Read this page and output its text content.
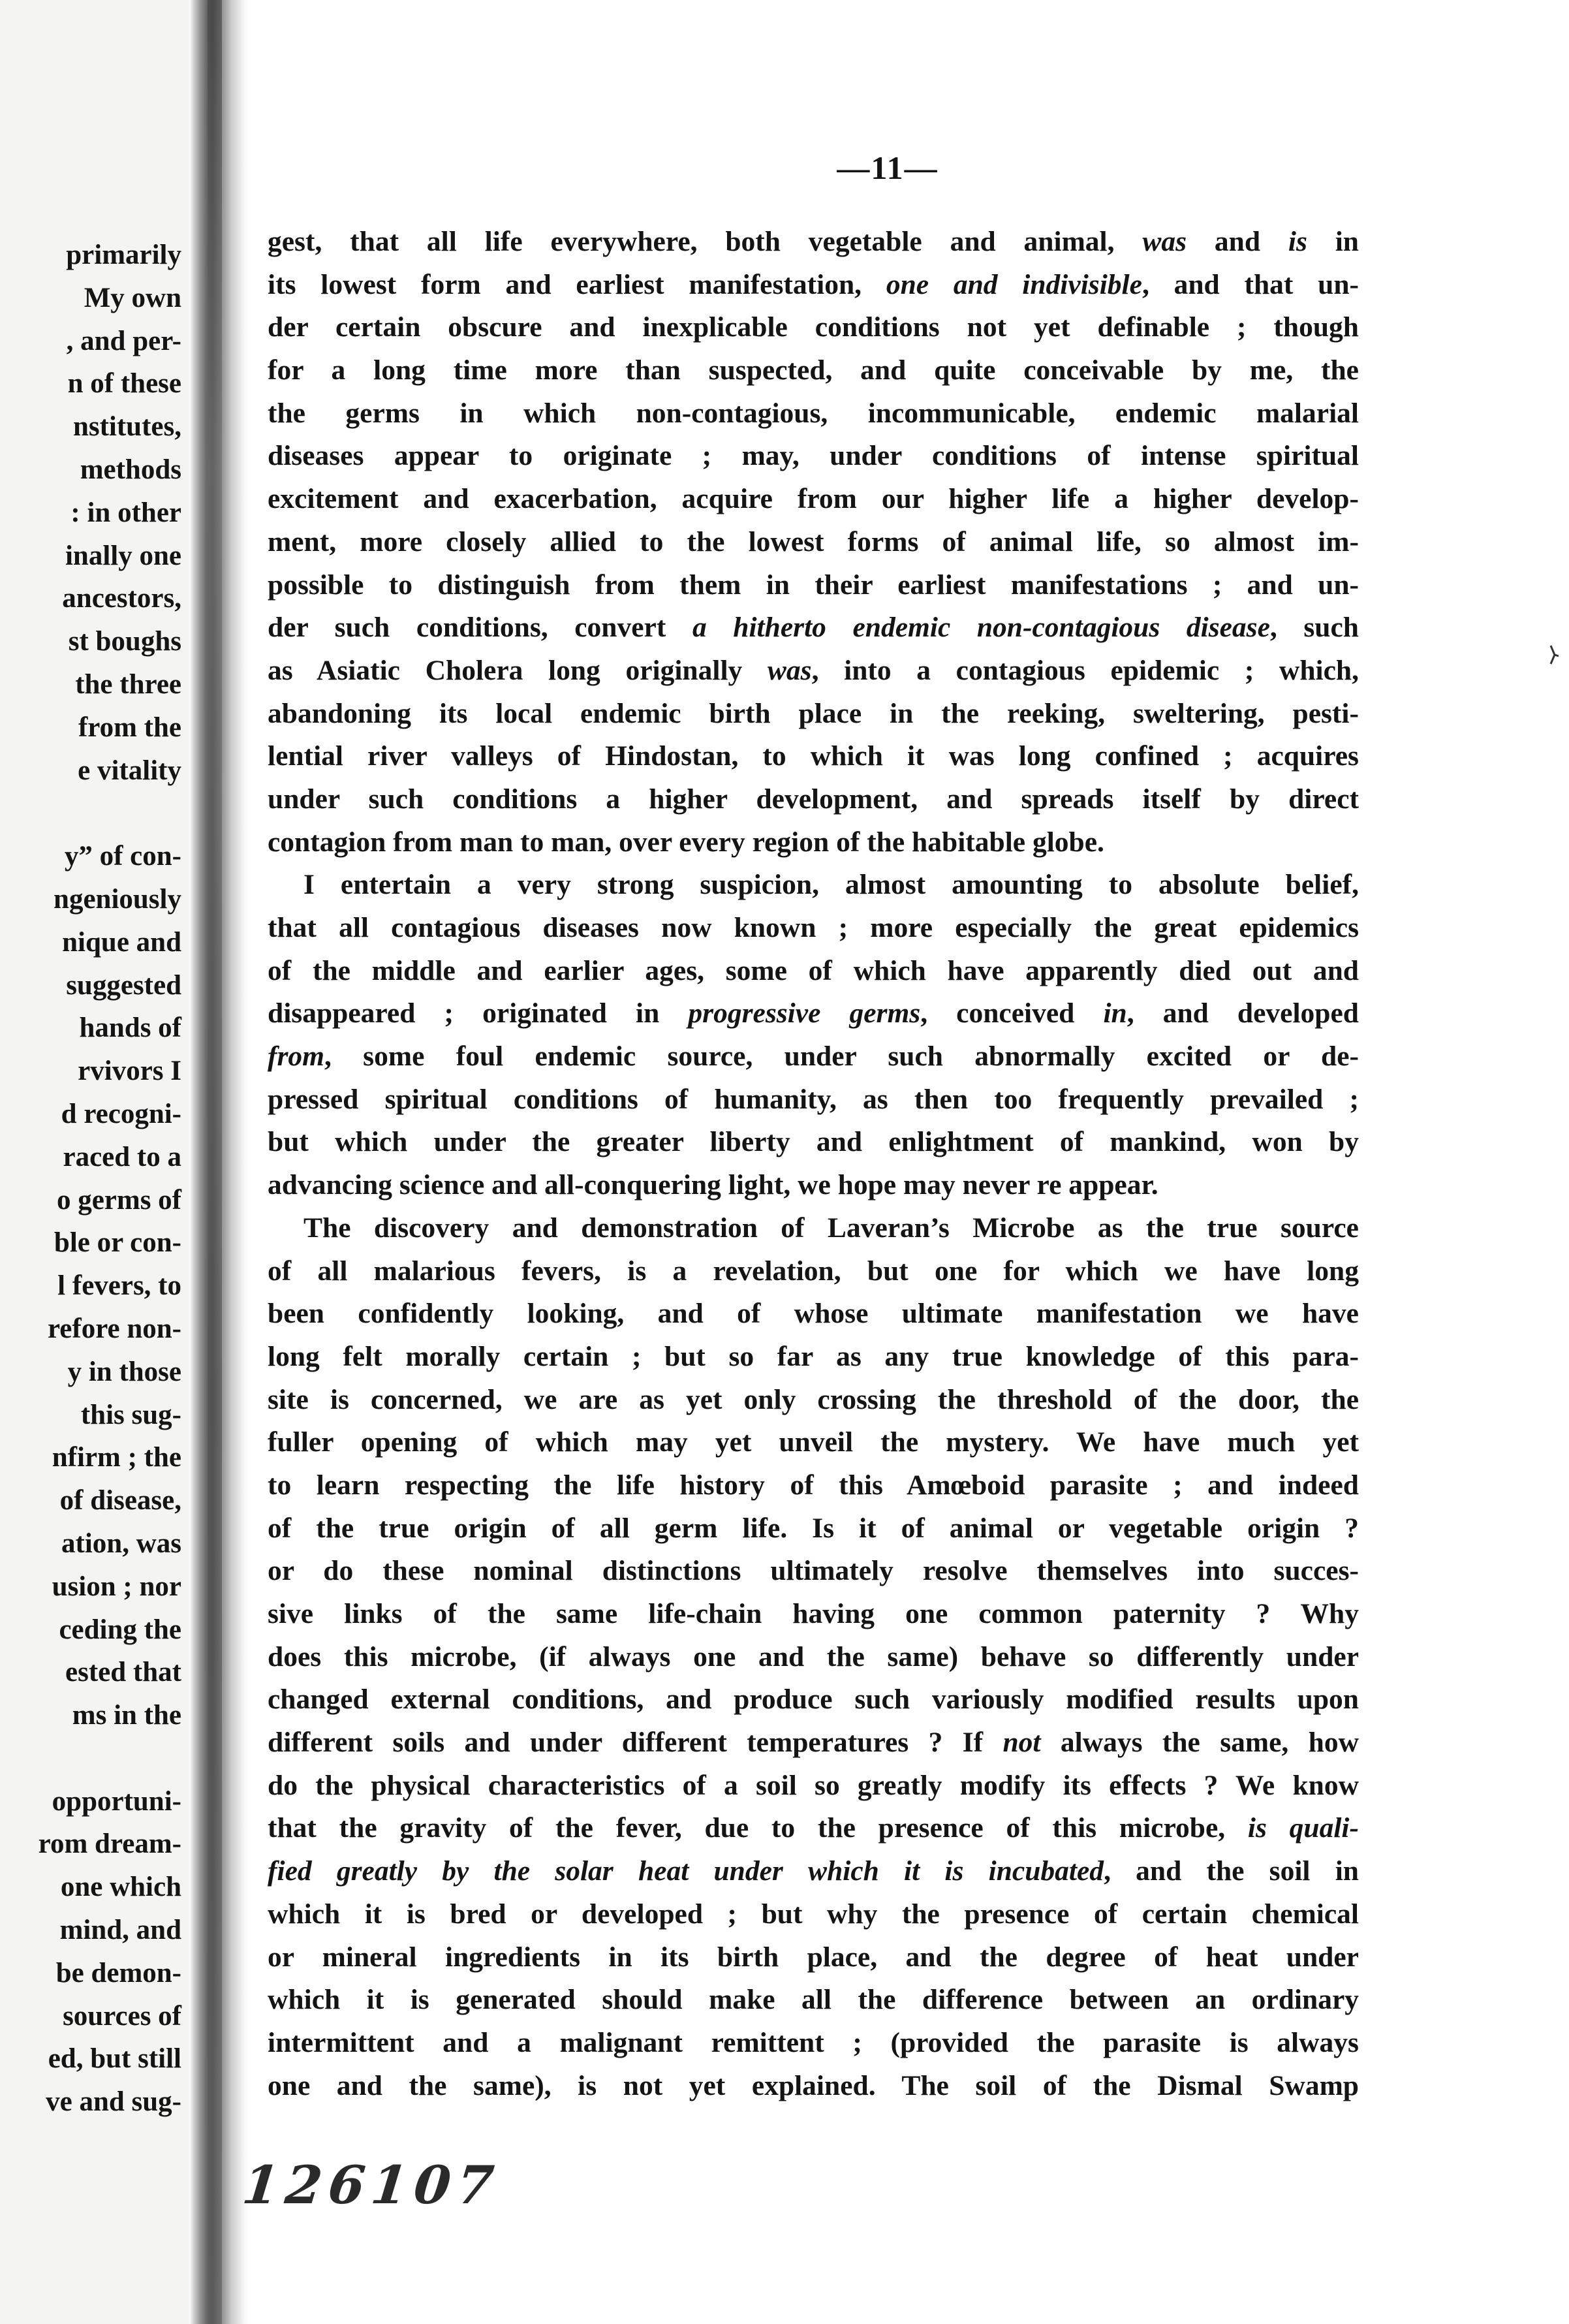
primarily
My own
, and per-
n of these
nstitutes,
methods
: in other
inally one
ancestors,
st boughs
the three
from the
e vitality
y” of con-
ngeniously
nique and
suggested
hands of
rvivors I
d recogni-
raced to a
o germs of
ble or con-
l fevers, to
refore non-
y in those
this sug-
nfirm ; the
of disease,
ation, was
usion ; nor
ceding the
ested that
ms in the
opportuni-
rom dream-
one which
mind, and
be demon-
sources of
ed, but still
ve and sug-
—11—
gest, that all life everywhere, both vegetable and animal, was and is in
its lowest form and earliest manifestation, one and indivisible, and that un-
der certain obscure and inexplicable conditions not yet definable ; though
for a long time more than suspected, and quite conceivable by me, the
the germs in which non-contagious, incommunicable, endemic malarial
diseases appear to originate ; may, under conditions of intense spiritual
excitement and exacerbation, acquire from our higher life a higher develop-
ment, more closely allied to the lowest forms of animal life, so almost im-
possible to distinguish from them in their earliest manifestations ; and un-
der such conditions, convert a hitherto endemic non-contagious disease, such
as Asiatic Cholera long originally was, into a contagious epidemic ; which,
abandoning its local endemic birth place in the reeking, sweltering, pesti-
lential river valleys of Hindostan, to which it was long confined ; acquires
under such conditions a higher development, and spreads itself by direct
contagion from man to man, over every region of the habitable globe.
I entertain a very strong suspicion, almost amounting to absolute belief,
that all contagious diseases now known ; more especially the great epidemics
of the middle and earlier ages, some of which have apparently died out and
disappeared ; originated in progressive germs, conceived in, and developed
from, some foul endemic source, under such abnormally excited or de-
pressed spiritual conditions of humanity, as then too frequently prevailed ;
but which under the greater liberty and enlightment of mankind, won by
advancing science and all-conquering light, we hope may never re appear.
The discovery and demonstration of Laveran’s Microbe as the true source
of all malarious fevers, is a revelation, but one for which we have long
been confidently looking, and of whose ultimate manifestation we have
long felt morally certain ; but so far as any true knowledge of this para-
site is concerned, we are as yet only crossing the threshold of the door, the
fuller opening of which may yet unveil the mystery. We have much yet
to learn respecting the life history of this Amœboid parasite ; and indeed
of the true origin of all germ life. Is it of animal or vegetable origin ?
or do these nominal distinctions ultimately resolve themselves into succes-
sive links of the same life-chain having one common paternity ? Why
does this microbe, (if always one and the same) behave so differently under
changed external conditions, and produce such variously modified results upon
different soils and under different temperatures ? If not always the same, how
do the physical characteristics of a soil so greatly modify its effects ? We know
that the gravity of the fever, due to the presence of this microbe, is quali-
fied greatly by the solar heat under which it is incubated, and the soil in
which it is bred or developed ; but why the presence of certain chemical
or mineral ingredients in its birth place, and the degree of heat under
which it is generated should make all the difference between an ordinary
intermittent and a malignant remittent ; (provided the parasite is always
one and the same), is not yet explained. The soil of the Dismal Swamp
126107
